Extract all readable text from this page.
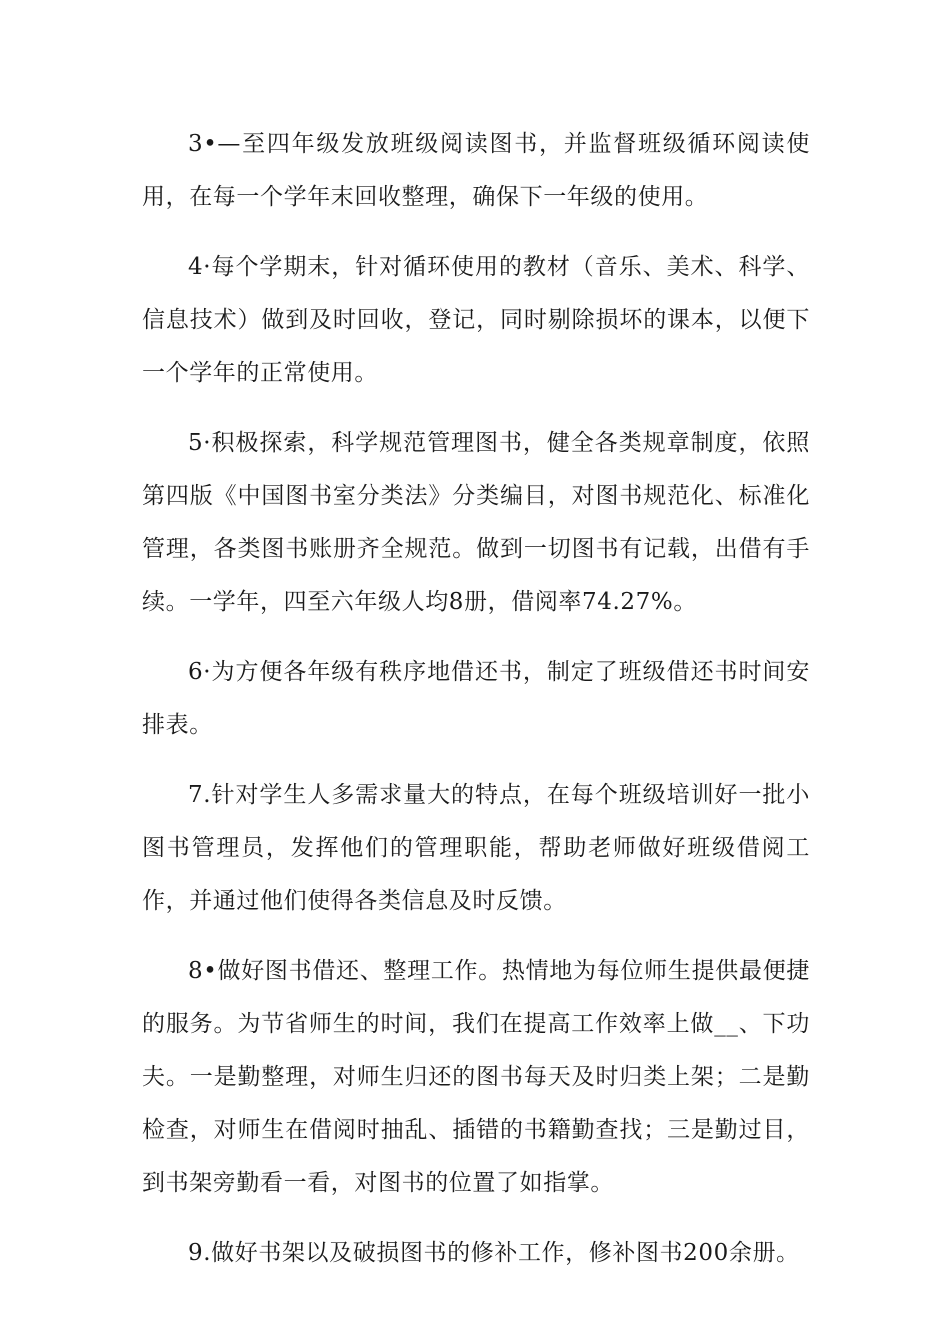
3•—至四年级发放班级阅读图书，并监督班级循环阅读使用，在每一个学年末回收整理，确保下一年级的使用。

4·每个学期末，针对循环使用的教材（音乐、美术、科学、信息技术）做到及时回收，登记，同时剔除损坏的课本，以便下一个学年的正常使用。

5·积极探索，科学规范管理图书，健全各类规章制度，依照第四版《中国图书室分类法》分类编目，对图书规范化、标准化管理，各类图书账册齐全规范。做到一切图书有记载，出借有手续。一学年，四至六年级人均8册，借阅率74.27%。

6·为方便各年级有秩序地借还书，制定了班级借还书时间安排表。

7.针对学生人多需求量大的特点，在每个班级培训好一批小图书管理员，发挥他们的管理职能，帮助老师做好班级借阅工作，并通过他们使得各类信息及时反馈。

8•做好图书借还、整理工作。热情地为每位师生提供最便捷的服务。为节省师生的时间，我们在提高工作效率上做__、下功夫。一是勤整理，对师生归还的图书每天及时归类上架；二是勤检查，对师生在借阅时抽乱、插错的书籍勤查找；三是勤过目，到书架旁勤看一看，对图书的位置了如指掌。

9.做好书架以及破损图书的修补工作，修补图书200余册。
